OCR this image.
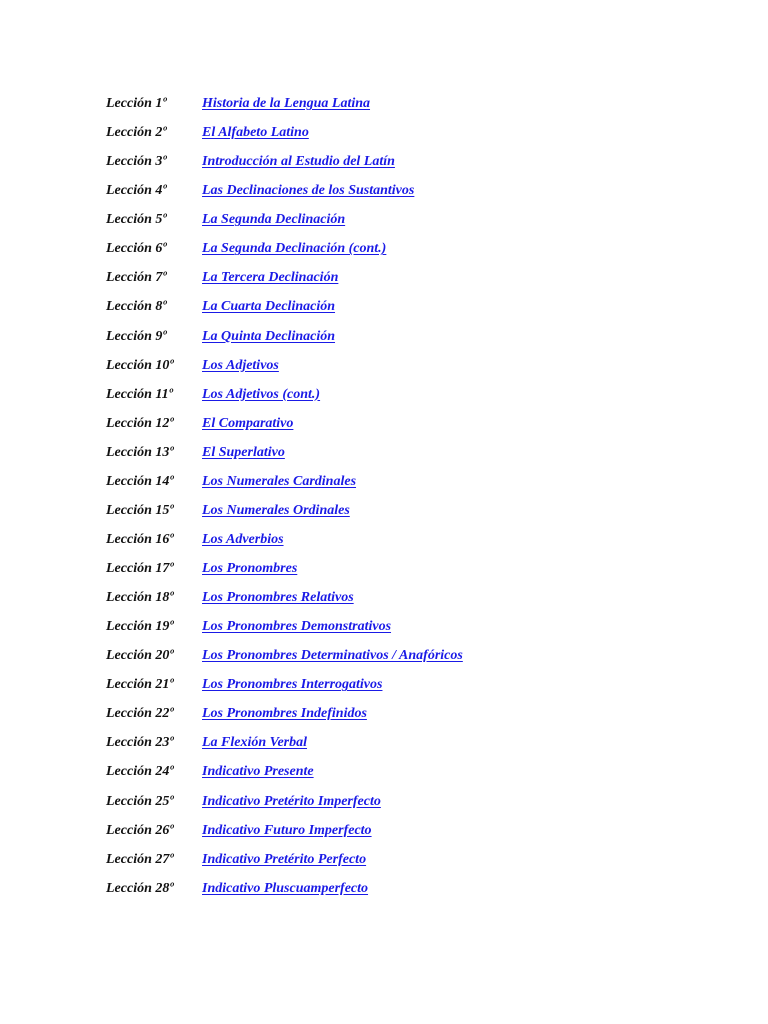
Lección 1º	Historia de la Lengua Latina
Lección 2º	El Alfabeto Latino
Lección 3º	Introducción al Estudio del Latín
Lección 4º	Las Declinaciones de los Sustantivos
Lección 5º	La Segunda Declinación
Lección 6º	La Segunda Declinación (cont.)
Lección 7º	La Tercera Declinación
Lección 8º	La Cuarta Declinación
Lección 9º	La Quinta Declinación
Lección 10º	Los Adjetivos
Lección 11º	Los Adjetivos (cont.)
Lección 12º	El Comparativo
Lección 13º	El Superlativo
Lección 14º	Los Numerales Cardinales
Lección 15º	Los Numerales Ordinales
Lección 16º	Los Adverbios
Lección 17º	Los Pronombres
Lección 18º	Los Pronombres Relativos
Lección 19º	Los Pronombres Demonstrativos
Lección 20º	Los Pronombres Determinativos / Anafóricos
Lección 21º	Los Pronombres Interrogativos
Lección 22º	Los Pronombres Indefinidos
Lección 23º	La Flexión Verbal
Lección 24º	Indicativo Presente
Lección 25º	Indicativo Pretérito Imperfecto
Lección 26º	Indicativo Futuro Imperfecto
Lección 27º	Indicativo Pretérito Perfecto
Lección 28º	Indicativo Pluscuamperfecto
